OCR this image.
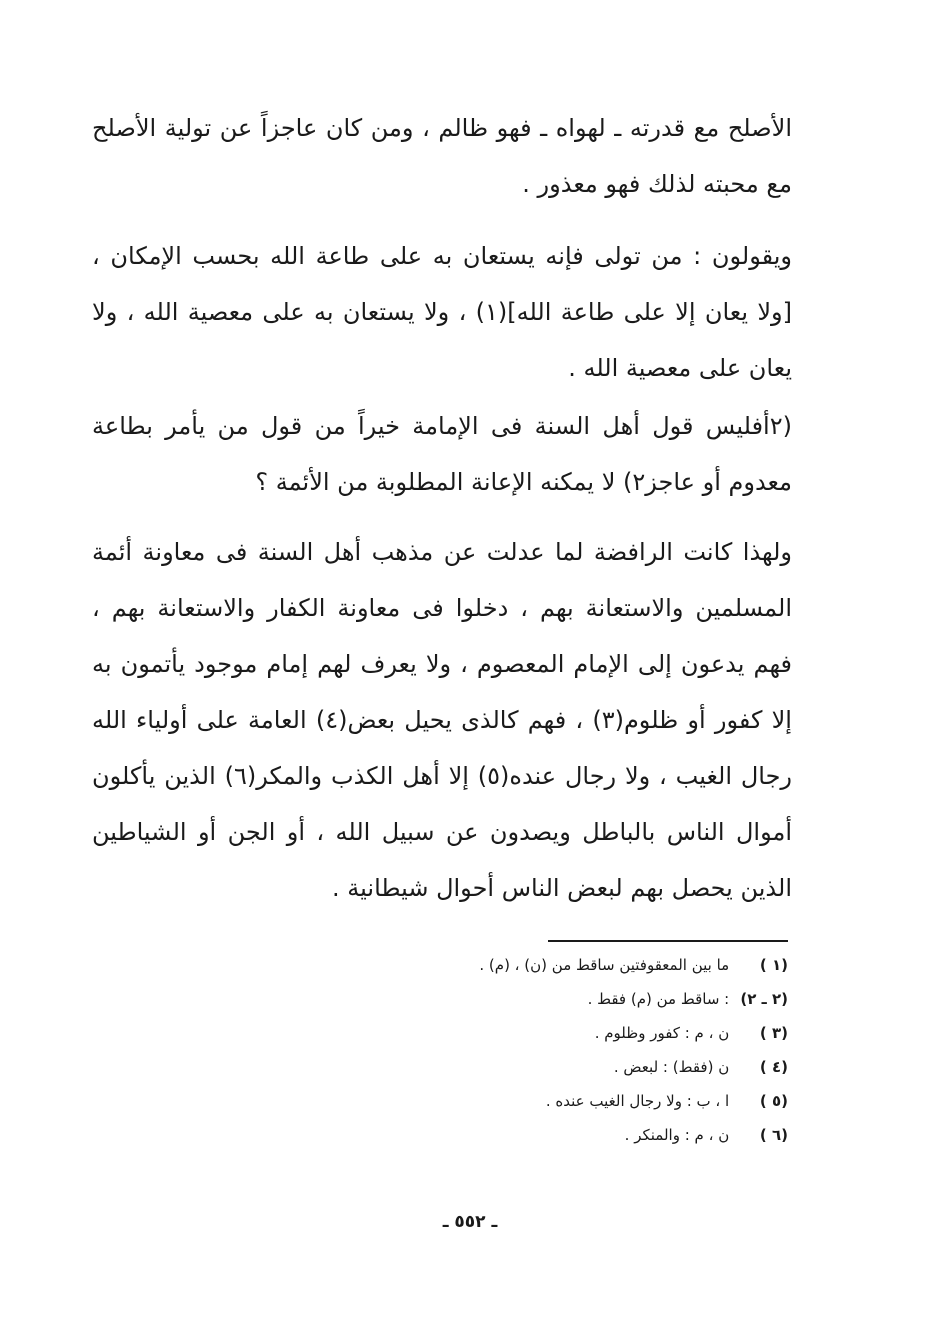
الأصلح مع قدرته ـ لهواه ـ فهو ظالم ، ومن كان عاجزاً عن تولية الأصلح مع محبته لذلك فهو معذور .

ويقولون : من تولى فإنه يستعان به على طاعة الله بحسب الإمكان ، [ولا يعان إلا على طاعة الله](١) ، ولا يستعان به على معصية الله ، ولا يعان على معصية الله .

(٢أفليس قول أهل السنة فى الإمامة خيراً من قول من يأمر بطاعة معدوم أو عاجز٢) لا يمكنه الإعانة المطلوبة من الأئمة ؟

ولهذا كانت الرافضة لما عدلت عن مذهب أهل السنة فى معاونة أئمة المسلمين والاستعانة بهم ، دخلوا فى معاونة الكفار والاستعانة بهم ، فهم يدعون إلى الإمام المعصوم ، ولا يعرف لهم إمام موجود يأتمون به إلا كفور أو ظلوم(٣) ، فهم كالذى يحيل بعض(٤) العامة على أولياء الله رجال الغيب ، ولا رجال عنده(٥) إلا أهل الكذب والمكر(٦) الذين يأكلون أموال الناس بالباطل ويصدون عن سبيل الله ، أو الجن أو الشياطين الذين يحصل بهم لبعض الناس أحوال شيطانية .

(١ ) ما بين المعقوفتين ساقط من (ن) ، (م) .
(٢ ـ ٢) : ساقط من (م) فقط .
(٣ ) ن ، م : كفور وظلوم .
(٤ ) ن (فقط) : لبعض .
(٥ ) ا ، ب : ولا رجال الغيب عنده .
(٦ ) ن ، م : والمنكر .
ـ ٥٥٢ ـ
